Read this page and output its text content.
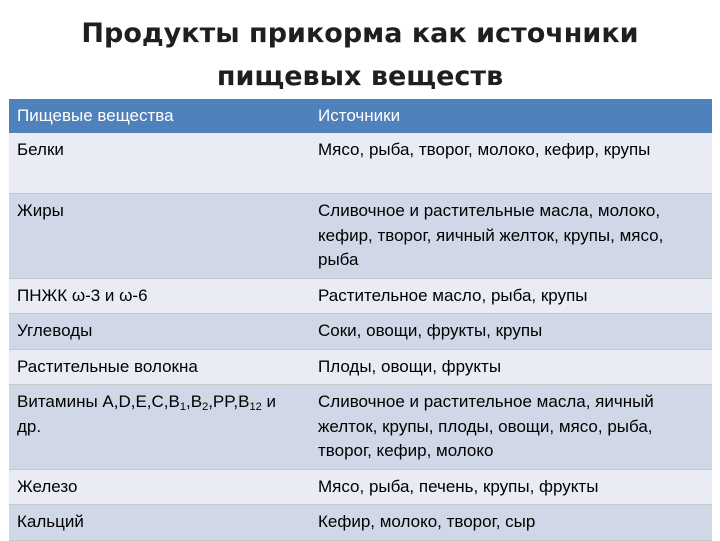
Продукты прикорма как источники
пищевых веществ
Пищевые вещества	Источники
Белки	Мясо, рыба, творог, молоко, кефир, крупы
Жиры	Сливочное и растительные масла, молоко, кефир, творог, яичный желток, крупы, мясо, рыба
ПНЖК ω-3 и ω-6	Растительное масло, рыба, крупы
Углеводы	Соки, овощи, фрукты, крупы
Растительные волокна	Плоды, овощи, фрукты
Витамины $А,D,E,C,B_1,B_2,PP,B_{12}$ и др.	Сливочное и растительное масла, яичный желток, крупы, плоды, овощи, мясо, рыба, творог, кефир, молоко
Железо	Мясо, рыба, печень, крупы, фрукты
Кальций	Кефир, молоко, творог, сыр
